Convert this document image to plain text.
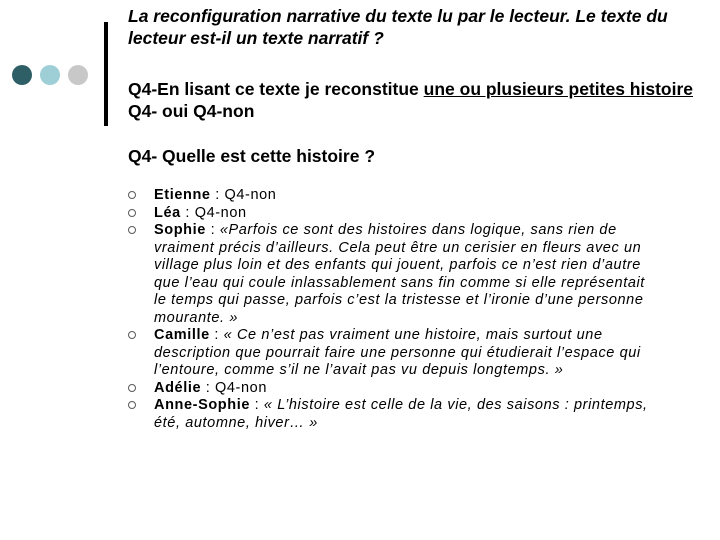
La reconfiguration narrative du texte lu par le lecteur. Le texte du lecteur est-il un texte narratif ?
Q4-En lisant ce texte je reconstitue une ou plusieurs petites histoire Q4- oui Q4-non
Q4- Quelle est cette histoire ?
Etienne : Q4-non
Léa : Q4-non
Sophie : «Parfois ce sont des histoires dans logique, sans rien de vraiment précis d’ailleurs. Cela peut être un cerisier en fleurs avec un village plus loin et des enfants qui jouent, parfois ce n’est rien d’autre que l’eau qui coule inlassablement sans fin comme si elle représentait le temps qui passe, parfois c’est la tristesse et l’ironie d’une personne mourante. »
Camille : « Ce n’est pas vraiment une histoire, mais surtout une description que pourrait faire une personne qui étudierait l’espace qui l’entoure, comme s’il ne l’avait pas vu depuis longtemps. »
Adélie : Q4-non
Anne-Sophie : « L’histoire est celle de la vie, des saisons : printemps, été, automne, hiver… »
